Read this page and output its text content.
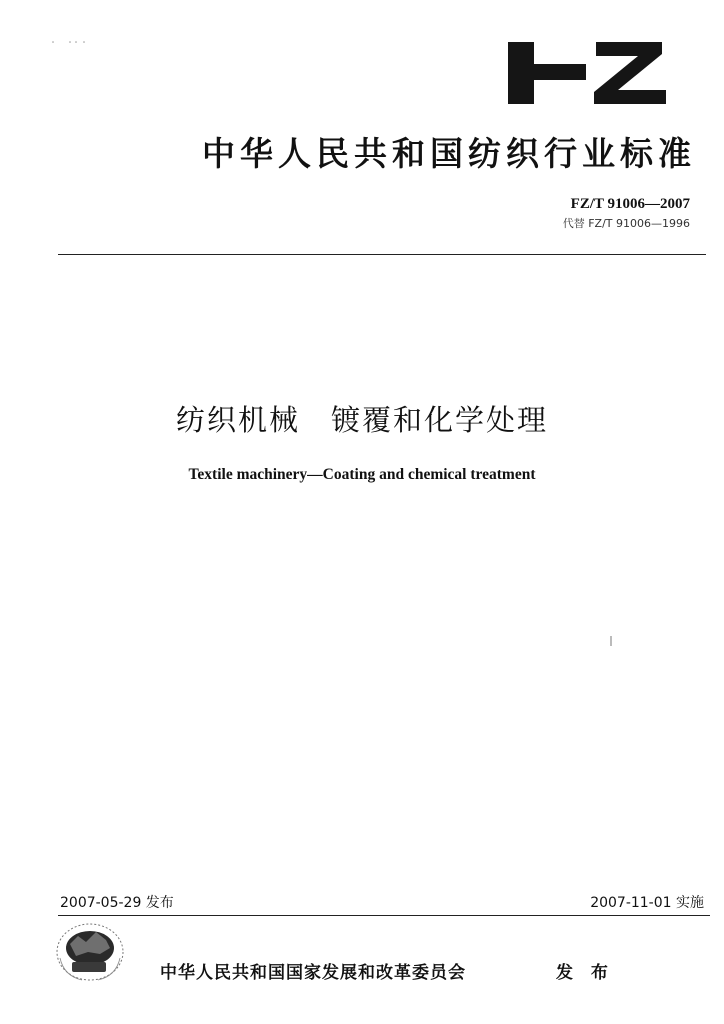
中华人民共和国纺织行业标准
FZ/T 91006—2007
代替 FZ/T 91006—1996
纺织机械　镀覆和化学处理
Textile machinery—Coating and chemical treatment
2007-05-29 发布	2007-11-01 实施
中华人民共和国国家发展和改革委员会	发 布
